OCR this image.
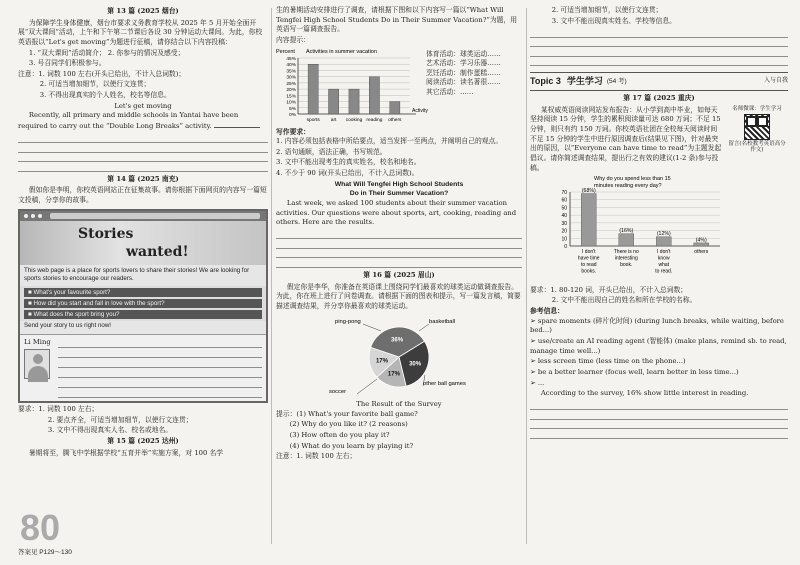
第 13 篇 (2025 烟台)

为保障学生身体健康，烟台市要求义务教育学校从 2025 年 5 月开始全面开展“双大课间”活动，上午和下午第二节课后各设 30 分钟运动大课间。为此，你校英语报以“Let's get moving”为题进行征稿，请你结合以下内容投稿：

1. “双大课间”活动简介； 2. 你参与的情况及感受；

3. 号召同学们积极参与。

注意：1. 词数 100 左右(开头已给出，不计入总词数)；

2. 可适当增加细节，以使行文连贯；

3. 不得出现真实的个人姓名，校名等信息。

Let's get moving

Recently, all primary and middle schools in Yantai have been required to carry out the “Double Long Breaks” activity.

第 14 篇 (2025 南充)

假如你是李明，你校英语网站正在征集故事。请你根据下面网页的内容写一篇短文投稿，分享你的故事。

Stories
wanted!
This web page is a place for sports lovers to share their stories! We are looking for sports stories to encourage our readers.
■ What's your favourite sport?
■ How did you start and fall in love with the sport?
■ What does the sport bring you?
Send your story to us right now!
Li Ming

要求：1. 词数 100 左右；

2. 要点齐全，可适当增加细节，以使行文连贯；

3. 文中不得出现真实人名、校名或地名。

第 15 篇 (2025 达州)

暑期将至，腾飞中学根据学校“五育并举”实施方案，对 100 名学

80
答案见 P129～130

生的暑期活动安排进行了调查，请根据下图和以下内容写一篇以“What Will Tengfei High School Students Do in Their Summer Vacation?”为题，用英语写一篇调查报告。

内容提示：
Percent Activities in summer vacation
45%
40%
35%
30%
25%
20%
15%
10%
5%
0%
Activity
sports art cooking reading others
体育活动：球类运动……
艺术活动：学习乐器……
烹饪活动：制作蛋糕……
阅读活动：读名著很……
其它活动：……
写作要求：

1. 内容必须包括表格中所给要点，适当发挥一至两点，并阐明自己的观点。

2. 语句通顺，语法正确，书写规范。

3. 文中不能出现考生的真实姓名，校名和地名。

4. 不少于 90 词(开头已给出，不计入总词数)。

What Will Tengfei High School Students
Do in Their Summer Vacation?

Last week, we asked 100 students about their summer vacation activities. Our questions were about sports, art, cooking, reading and others. Here are the results.

第 16 篇 (2025 眉山)

假定你是李华，你准备在英语课上围绕同学们最喜欢的球类运动做调查报告。为此，你在班上进行了问卷调查。请根据下面的图表和提示，写一篇发言稿，简要描述调查结果，并分享你最喜欢的球类运动。

36%
30%
17%
17%
ping-pong	basketball
soccer
other ball games
The Result of the Survey

提示：(1) What's your favorite ball game?

(2) Why do you like it? (2 reasons)

(3) How often do you play it?

(4) What do you learn by playing it?

注意：1. 词数 100 左右；

2. 可适当增加细节，以使行文连贯；

3. 文中不能出现真实姓名、学校等信息。

Topic 3 学生学习 (54 考)	入与自我
第 17 篇 (2025 重庆)
名师微课：学生学习
留言(名校教考英语高分作文)

某权威英语阅读网站发布报告：从小学到高中毕业，如每天坚持阅读 15 分钟，学生的累积阅读量可达 680 万词；不足 15 分钟，则只有约 150 万词。你校英语社团在全校每天阅读时间不足 15 分钟的学生中进行原因调查后(结果见下图)，针对最突出的原因，以“Everyone can have time to read”为主题发起倡议。请你简述调查结果，提出行之有效的建议(1-2 条)参与投稿。

Why do you spend less than 15
minutes reading every day?
70
60
50
40
30
20
10
0
(68%)
I don't
have time
to read
books.
(16%)
There is no
interesting
book.
(12%)
I don't
know
what
to read.
(4%)
others

要求：1. 80-120 词，开头已给出，不计入总词数；

2. 文中不能出现自己的姓名和所在学校的名称。

参考信息：

➢ spare moments (碎片化时间) (during lunch breaks, while waiting, before bed...)

➢ use/create an AI reading agent (智能体) (make plans, remind sb. to read, manage time well...)

➢ less screen time (less time on the phone...)

➢ be a better learner (focus well, learn better in less time...)

➢ ...

According to the survey, 16% show little interest in reading.
